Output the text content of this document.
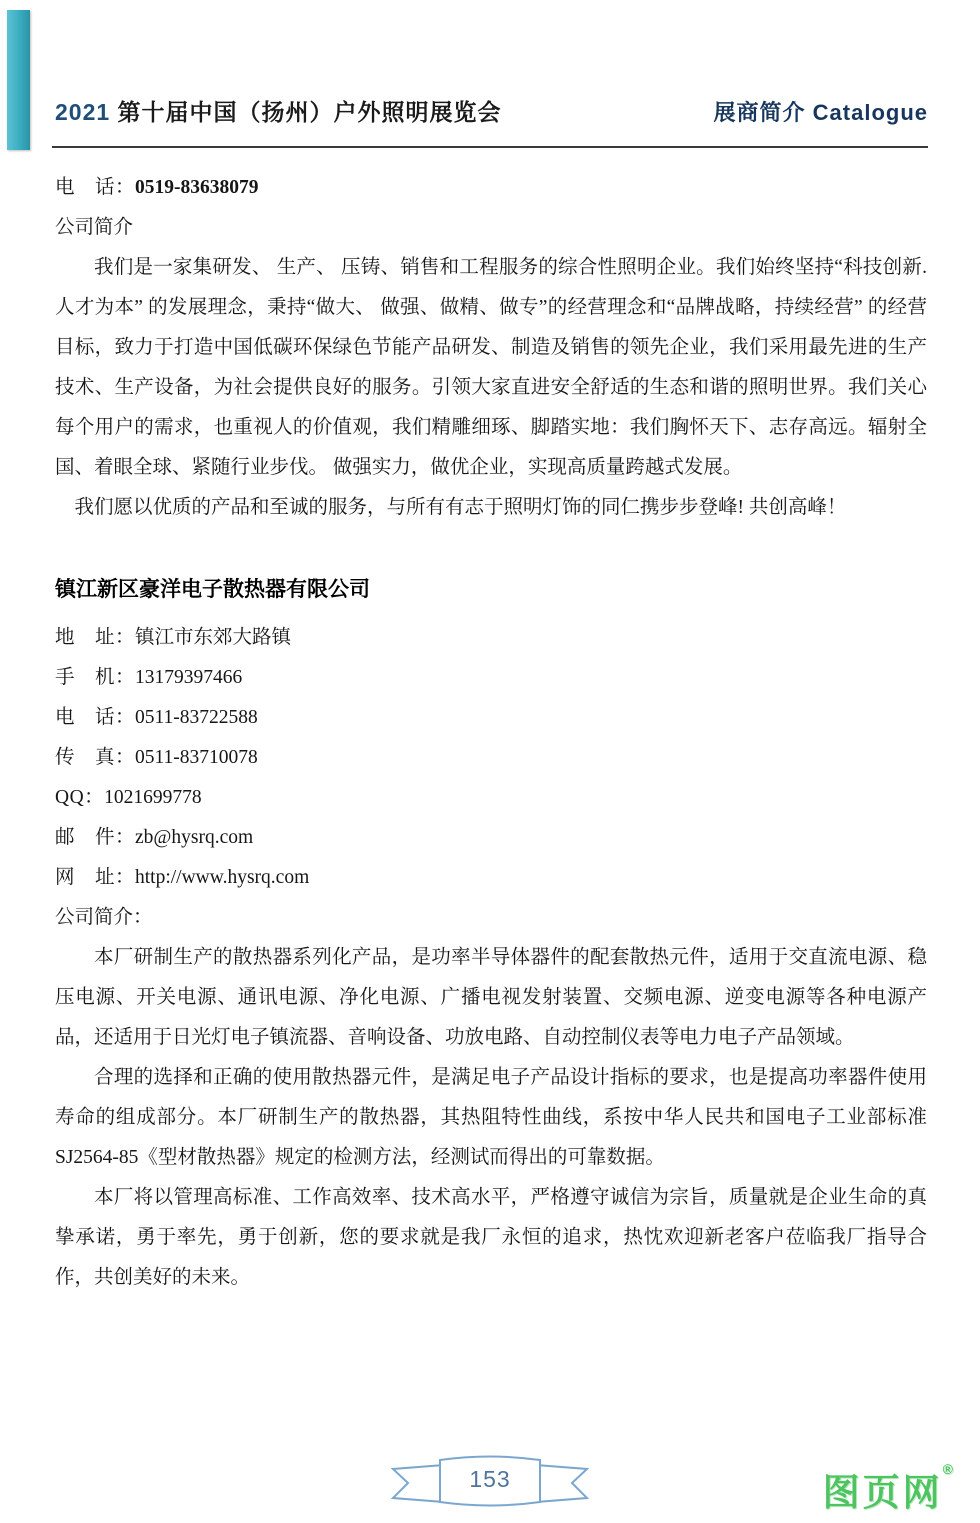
2021 第十届中国（扬州）户外照明展览会	展商简介 Catalogue
电　话：0519-83638079
公司简介

我们是一家集研发、 生产、 压铸、销售和工程服务的综合性照明企业。我们始终坚持“科技创新.人才为本” 的发展理念，秉持“做大、 做强、做精、做专”的经营理念和“品牌战略，持续经营” 的经营目标，致力于打造中国低碳环保绿色节能产品研发、制造及销售的领先企业，我们采用最先进的生产技术、生产设备，为社会提供良好的服务。引领大家直进安全舒适的生态和谐的照明世界。我们关心每个用户的需求，也重视人的价值观，我们精雕细琢、脚踏实地：我们胸怀天下、志存高远。辐射全国、着眼全球、紧随行业步伐。 做强实力，做优企业，实现高质量跨越式发展。

我们愿以优质的产品和至诚的服务，与所有有志于照明灯饰的同仁携步步登峰! 共创高峰！

镇江新区豪洋电子散热器有限公司
地　址：镇江市东郊大路镇
手　机：13179397466
电　话：0511-83722588
传　真：0511-83710078
QQ：1021699778
邮　件：zb@hysrq.com
网　址：http://www.hysrq.com
公司简介：

本厂研制生产的散热器系列化产品，是功率半导体器件的配套散热元件，适用于交直流电源、稳压电源、开关电源、通讯电源、净化电源、广播电视发射装置、交频电源、逆变电源等各种电源产品，还适用于日光灯电子镇流器、音响设备、功放电路、自动控制仪表等电力电子产品领域。

合理的选择和正确的使用散热器元件，是满足电子产品设计指标的要求，也是提高功率器件使用寿命的组成部分。本厂研制生产的散热器，其热阻特性曲线，系按中华人民共和国电子工业部标准 SJ2564-85《型材散热器》规定的检测方法，经测试而得出的可靠数据。

本厂将以管理高标准、工作高效率、技术高水平，严格遵守诚信为宗旨，质量就是企业生命的真挚承诺，勇于率先，勇于创新，您的要求就是我厂永恒的追求，热忱欢迎新老客户莅临我厂指导合作，共创美好的未来。

153	图页网®
